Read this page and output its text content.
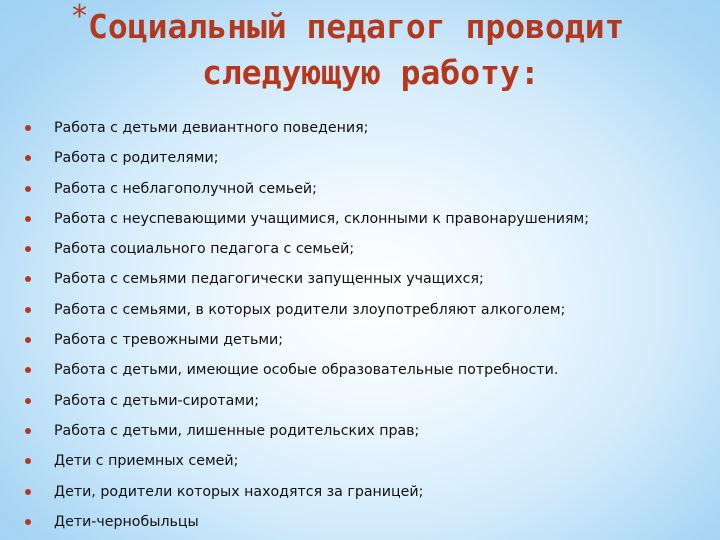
* Социальный педагог проводит
следующую работу:
Работа с детьми девиантного поведения;
Работа с родителями;
Работа с неблагополучной семьей;
Работа с неуспевающими учащимися, склонными к правонарушениям;
Работа социального педагога с семьей;
Работа с семьями педагогически запущенных учащихся;
Работа с семьями, в которых родители злоупотребляют алкоголем;
Работа с тревожными детьми;
Работа с детьми, имеющие особые образовательные потребности.
Работа с детьми-сиротами;
Работа с детьми, лишенные родительских прав;
Дети с приемных семей;
Дети, родители которых находятся за границей;
Дети-чернобыльцы
